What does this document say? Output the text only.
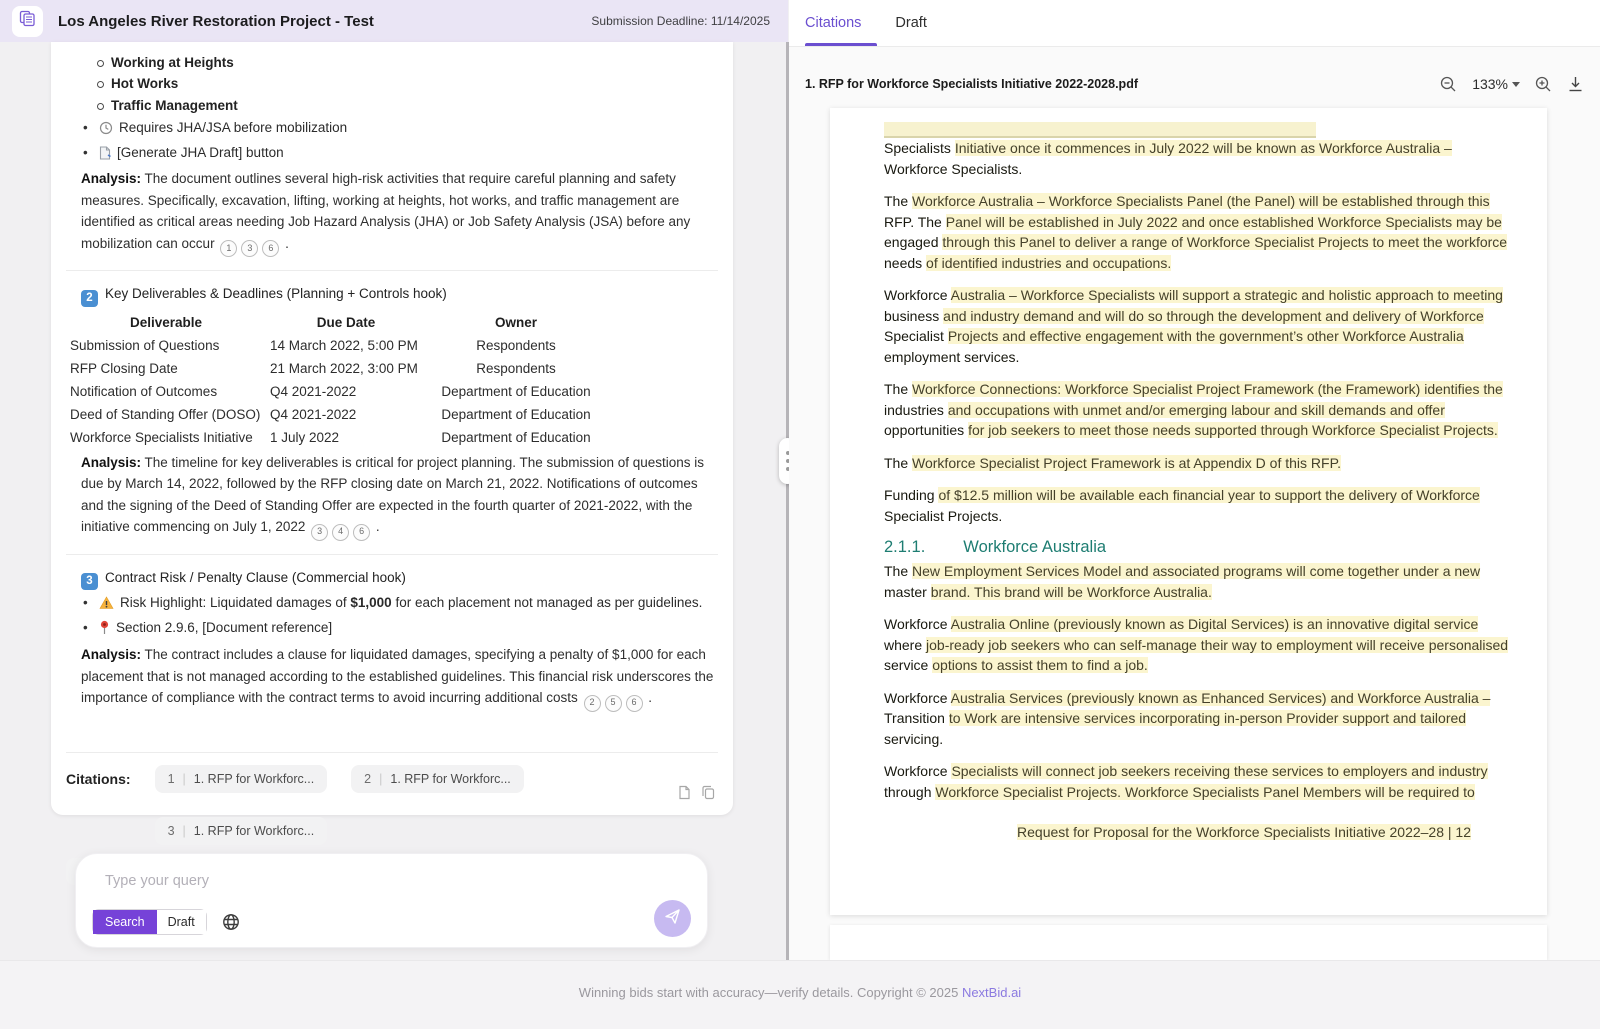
Los Angeles River Restoration Project - Test	Submission Deadline: 11/14/2025
Working at Heights
Hot Works
Traffic Management
• Requires JHA/JSA before mobilization
• [Generate JHA Draft] button

Analysis: The document outlines several high-risk activities that require careful planning and safety measures. Specifically, excavation, lifting, working at heights, hot works, and traffic management are identified as critical areas needing Job Hazard Analysis (JHA) or Job Safety Analysis (JSA) before any mobilization can occur 1 3 6 .

2 Key Deliverables & Deadlines (Planning + Controls hook)
Deliverable	Due Date	Owner
Submission of Questions	14 March 2022, 5:00 PM	Respondents
RFP Closing Date	21 March 2022, 3:00 PM	Respondents
Notification of Outcomes	Q4 2021-2022	Department of Education
Deed of Standing Offer (DOSO)	Q4 2021-2022	Department of Education
Workforce Specialists Initiative	1 July 2022	Department of Education

Analysis: The timeline for key deliverables is critical for project planning. The submission of questions is due by March 14, 2022, followed by the RFP closing date on March 21, 2022. Notifications of outcomes and the signing of the Deed of Standing Offer are expected in the fourth quarter of 2021-2022, with the initiative commencing on July 1, 2022 3 4 6 .

3 Contract Risk / Penalty Clause (Commercial hook)
• Risk Highlight: Liquidated damages of $1,000 for each placement not managed as per guidelines.
• Section 2.9.6, [Document reference]

Analysis: The contract includes a clause for liquidated damages, specifying a penalty of $1,000 for each placement that is not managed according to the established guidelines. This financial risk underscores the importance of compliance with the contract terms to avoid incurring additional costs 2 5 6 .

Citations:	1 | 1. RFP for Workforc...	2 | 1. RFP for Workforc...
3 | 1. RFP for Workforc...
Type your query
Search	Draft
Citations Draft
1. RFP for Workforce Specialists Initiative 2022-2028.pdf	133%
Specialists Initiative once it commences in July 2022 will be known as Workforce Australia –
Workforce Specialists.
The Workforce Australia – Workforce Specialists Panel (the Panel) will be established through this
RFP. The Panel will be established in July 2022 and once established Workforce Specialists may be
engaged through this Panel to deliver a range of Workforce Specialist Projects to meet the workforce
needs of identified industries and occupations.
Workforce Australia – Workforce Specialists will support a strategic and holistic approach to meeting
business and industry demand and will do so through the development and delivery of Workforce
Specialist Projects and effective engagement with the government’s other Workforce Australia
employment services.
The Workforce Connections: Workforce Specialist Project Framework (the Framework) identifies the
industries and occupations with unmet and/or emerging labour and skill demands and offer
opportunities for job seekers to meet those needs supported through Workforce Specialist Projects.
The Workforce Specialist Project Framework is at Appendix D of this RFP.
Funding of $12.5 million will be available each financial year to support the delivery of Workforce
Specialist Projects.
2.1.1. Workforce Australia
The New Employment Services Model and associated programs will come together under a new
master brand. This brand will be Workforce Australia.
Workforce Australia Online (previously known as Digital Services) is an innovative digital service
where job-ready job seekers who can self-manage their way to employment will receive personalised
service options to assist them to find a job.
Workforce Australia Services (previously known as Enhanced Services) and Workforce Australia –
Transition to Work are intensive services incorporating in-person Provider support and tailored
servicing.
Workforce Specialists will connect job seekers receiving these services to employers and industry
through Workforce Specialist Projects. Workforce Specialists Panel Members will be required to
Request for Proposal for the Workforce Specialists Initiative 2022–28 | 12
Winning bids start with accuracy—verify details. Copyright © 2025 NextBid.ai
